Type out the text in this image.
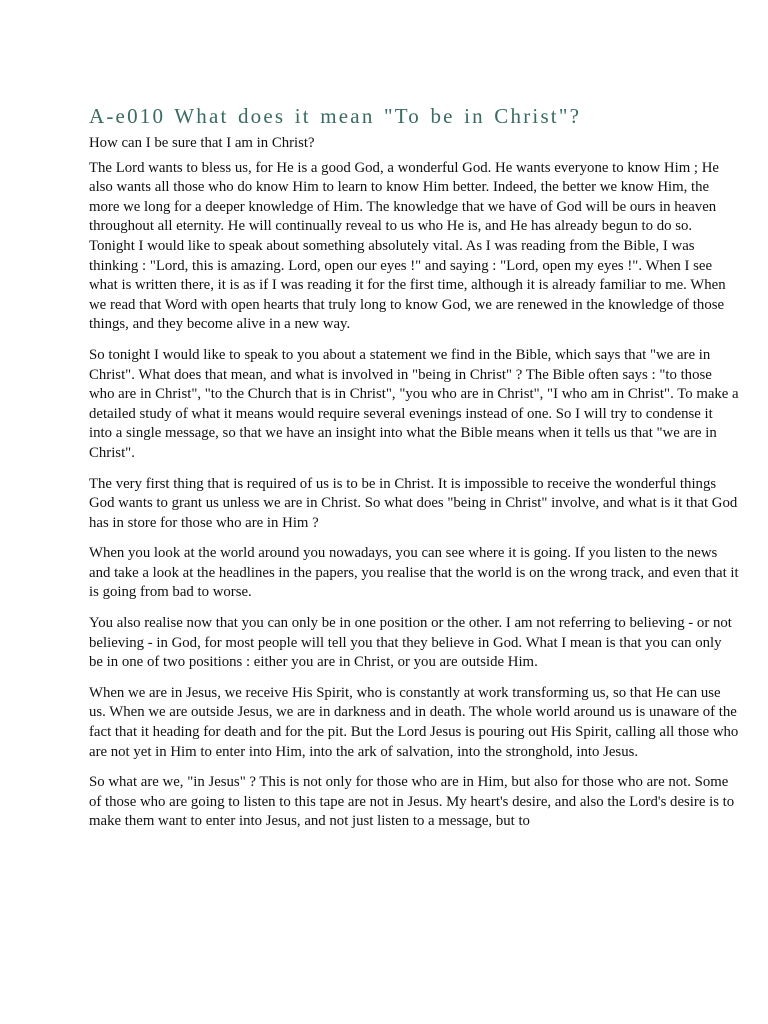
A-e010 What does it mean "To be in Christ"?

How can I be sure that I am in Christ?

The Lord wants to bless us, for He is a good God, a wonderful God. He wants everyone to know Him ; He also wants all those who do know Him to learn to know Him better. Indeed, the better we know Him, the more we long for a deeper knowledge of Him. The knowledge that we have of God will be ours in heaven throughout all eternity. He will continually reveal to us who He is, and He has already begun to do so. Tonight I would like to speak about something absolutely vital. As I was reading from the Bible, I was thinking : "Lord, this is amazing. Lord, open our eyes !" and saying : "Lord, open my eyes !". When I see what is written there, it is as if I was reading it for the first time, although it is already familiar to me. When we read that Word with open hearts that truly long to know God, we are renewed in the knowledge of those things, and they become alive in a new way.

So tonight I would like to speak to you about a statement we find in the Bible, which says that "we are in Christ". What does that mean, and what is involved in "being in Christ" ? The Bible often says : "to those who are in Christ", "to the Church that is in Christ", "you who are in Christ", "I who am in Christ". To make a detailed study of what it means would require several evenings instead of one. So I will try to condense it into a single message, so that we have an insight into what the Bible means when it tells us that "we are in Christ".

The very first thing that is required of us is to be in Christ. It is impossible to receive the wonderful things God wants to grant us unless we are in Christ. So what does "being in Christ" involve, and what is it that God has in store for those who are in Him ?

When you look at the world around you nowadays, you can see where it is going. If you listen to the news and take a look at the headlines in the papers, you realise that the world is on the wrong track, and even that it is going from bad to worse.

You also realise now that you can only be in one position or the other. I am not referring to believing - or not believing - in God, for most people will tell you that they believe in God. What I mean is that you can only be in one of two positions : either you are in Christ, or you are outside Him.

When we are in Jesus, we receive His Spirit, who is constantly at work transforming us, so that He can use us. When we are outside Jesus, we are in darkness and in death. The whole world around us is unaware of the fact that it heading for death and for the pit. But the Lord Jesus is pouring out His Spirit, calling all those who are not yet in Him to enter into Him, into the ark of salvation, into the stronghold, into Jesus.

So what are we, "in Jesus" ? This is not only for those who are in Him, but also for those who are not. Some of those who are going to listen to this tape are not in Jesus. My heart's desire, and also the Lord's desire is to make them want to enter into Jesus, and not just listen to a message, but to
